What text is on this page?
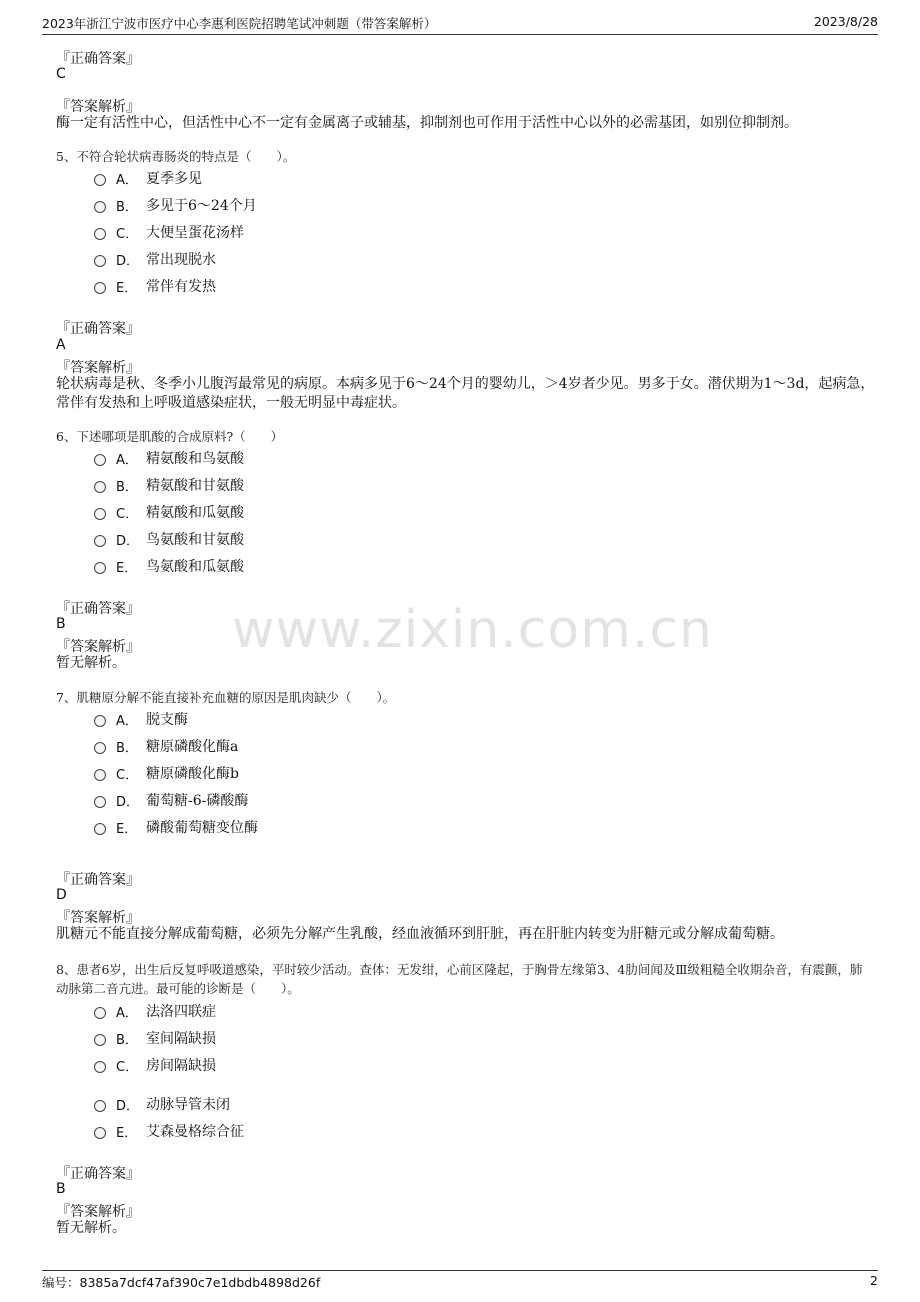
2023年浙江宁波市医疗中心李惠利医院招聘笔试冲刺题（带答案解析）	2023/8/28
www.zixin.com.cn
『正确答案』
C
『答案解析』
酶一定有活性中心，但活性中心不一定有金属离子或辅基，抑制剂也可作用于活性中心以外的必需基团，如别位抑制剂。
5、不符合轮状病毒肠炎的特点是（　　）。
A． 夏季多见
B． 多见于6～24个月
C． 大便呈蛋花汤样
D． 常出现脱水
E． 常伴有发热
『正确答案』
A
『答案解析』
轮状病毒是秋、冬季小儿腹泻最常见的病原。本病多见于6～24个月的婴幼儿，＞4岁者少见。男多于女。潜伏期为1～3d，起病急，常伴有发热和上呼吸道感染症状，一般无明显中毒症状。
6、下述哪项是肌酸的合成原料?（　　）
A． 精氨酸和鸟氨酸
B． 精氨酸和甘氨酸
C． 精氨酸和瓜氨酸
D． 鸟氨酸和甘氨酸
E． 鸟氨酸和瓜氨酸
『正确答案』
B
『答案解析』
暂无解析。
7、肌糖原分解不能直接补充血糖的原因是肌肉缺少（　　）。
A． 脱支酶
B． 糖原磷酸化酶a
C． 糖原磷酸化酶b
D． 葡萄糖-6-磷酸酶
E． 磷酸葡萄糖变位酶
『正确答案』
D
『答案解析』
肌糖元不能直接分解成葡萄糖，必须先分解产生乳酸，经血液循环到肝脏，再在肝脏内转变为肝糖元或分解成葡萄糖。
8、患者6岁，出生后反复呼吸道感染，平时较少活动。查体：无发绀，心前区隆起，于胸骨左缘第3、4肋间闻及Ⅲ级粗糙全收期杂音，有震颤，肺动脉第二音亢进。最可能的诊断是（　　）。
A． 法洛四联症
B． 室间隔缺损
C． 房间隔缺损
D． 动脉导管未闭
E． 艾森曼格综合征
『正确答案』
B
『答案解析』
暂无解析。
编号：8385a7dcf47af390c7e1dbdb4898d26f	2
